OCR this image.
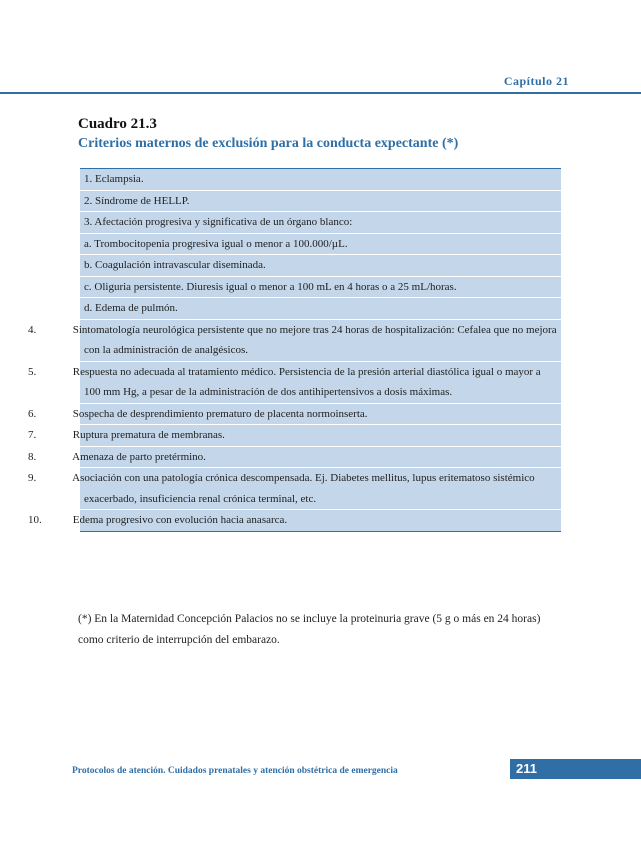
Capítulo 21
Cuadro 21.3
Criterios maternos de exclusión para la conducta expectante (*)
1. Eclampsia.
2. Síndrome de HELLP.
3. Afectación progresiva y significativa de un órgano blanco:
a. Trombocitopenia progresiva igual o menor a 100.000/µL.
b. Coagulación intravascular diseminada.
c. Oliguria persistente. Diuresis igual o menor a 100 mL en 4 horas o a 25 mL/horas.
d. Edema de pulmón.
4.	Sintomatología neurológica persistente que no mejore tras 24 horas de hospitalización: Cefalea que no mejora con la administración de analgésicos.
5.	Respuesta no adecuada al tratamiento médico. Persistencia de la presión arterial diastólica igual o mayor a 100 mm Hg, a pesar de la administración de dos antihipertensivos a dosis máximas.
6.	Sospecha de desprendimiento prematuro de placenta normoinserta.
7.	Ruptura prematura de membranas.
8.	Amenaza de parto pretérmino.
9.	Asociación con una patología crónica descompensada. Ej. Diabetes mellitus, lupus eritematoso sistémico exacerbado, insuficiencia renal crónica terminal, etc.
10.	Edema progresivo con evolución hacia anasarca.
(*) En la Maternidad Concepción Palacios no se incluye la proteinuria grave (5 g o más en 24 horas) como criterio de interrupción del embarazo.
Protocolos de atención. Cuidados prenatales y atención obstétrica de emergencia	211
